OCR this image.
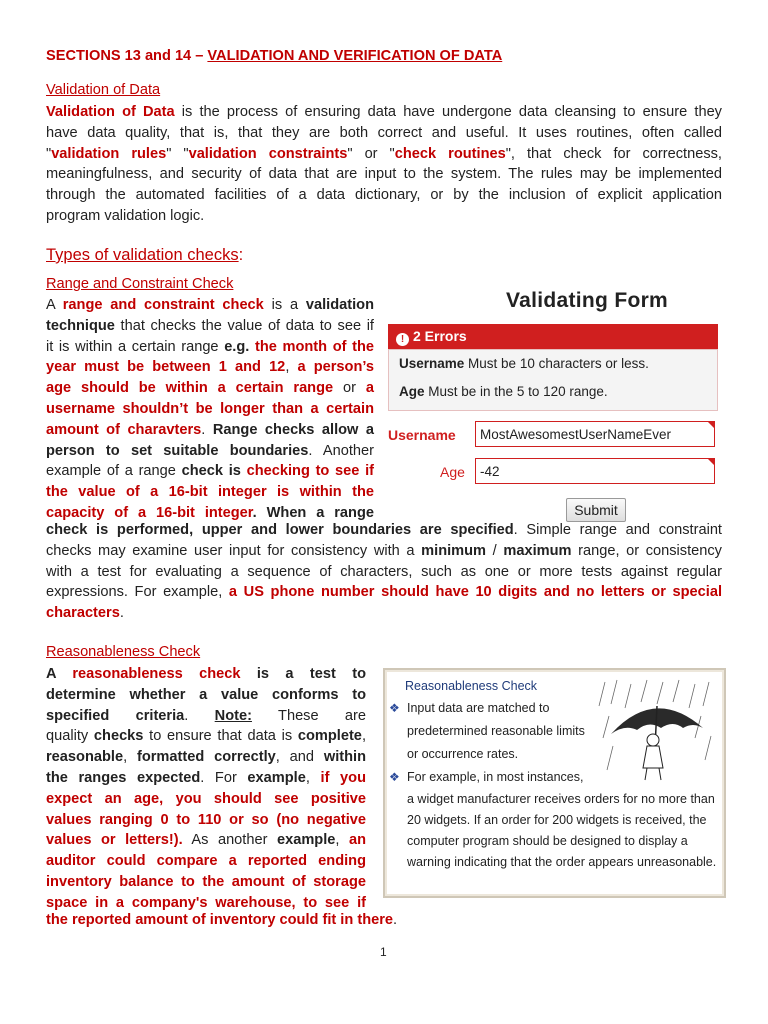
SECTIONS 13 and 14 – VALIDATION AND VERIFICATION OF DATA
Validation of Data
Validation of Data is the process of ensuring data have undergone data cleansing to ensure they
have data quality, that is, that they are both correct and useful. It uses routines, often called
"validation rules" "validation constraints" or "check routines", that check for correctness,
meaningfulness, and security of data that are input to the system. The rules may be implemented
through the automated facilities of a data dictionary, or by the inclusion of explicit application
program validation logic.
Types of validation checks:
Range and Constraint Check
A range and constraint check is a validation
technique that checks the value of data to see if
it is within a certain range e.g. the month of the
year must be between 1 and 12, a person’s
age should be within a certain range or a
username shouldn’t be longer than a certain
amount of charavters. Range checks allow a
person to set suitable boundaries. Another
example of a range check is checking to see if
the value of a 16-bit integer is within the
capacity of a 16-bit integer. When a range
check is performed, upper and lower boundaries are specified. Simple range and constraint
checks may examine user input for consistency with a minimum / maximum range, or consistency
with a test for evaluating a sequence of characters, such as one or more tests against regular
expressions. For example, a US phone number should have 10 digits and no letters or special
characters.
Validating Form
! 2 Errors
Username Must be 10 characters or less.
Age Must be in the 5 to 120 range.
Username	MostAwesomestUserNameEver
Age	-42
Submit
Reasonableness Check
A reasonableness check is a test to
determine whether a value conforms to
specified criteria. Note: These are
quality checks to ensure that data is complete,
reasonable, formatted correctly, and within
the ranges expected. For example, if you
expect an age, you should see positive
values ranging 0 to 110 or so (no negative
values or letters!). As another example, an
auditor could compare a reported ending
inventory balance to the amount of storage
space in a company's warehouse, to see if
the reported amount of inventory could fit in there.
Reasonableness Check
❖ Input data are matched to
predetermined reasonable limits
or occurrence rates.
❖ For example, in most instances,
a widget manufacturer receives orders for no more than
20 widgets. If an order for 200 widgets is received, the
computer program should be designed to display a
warning indicating that the order appears unreasonable.
1
